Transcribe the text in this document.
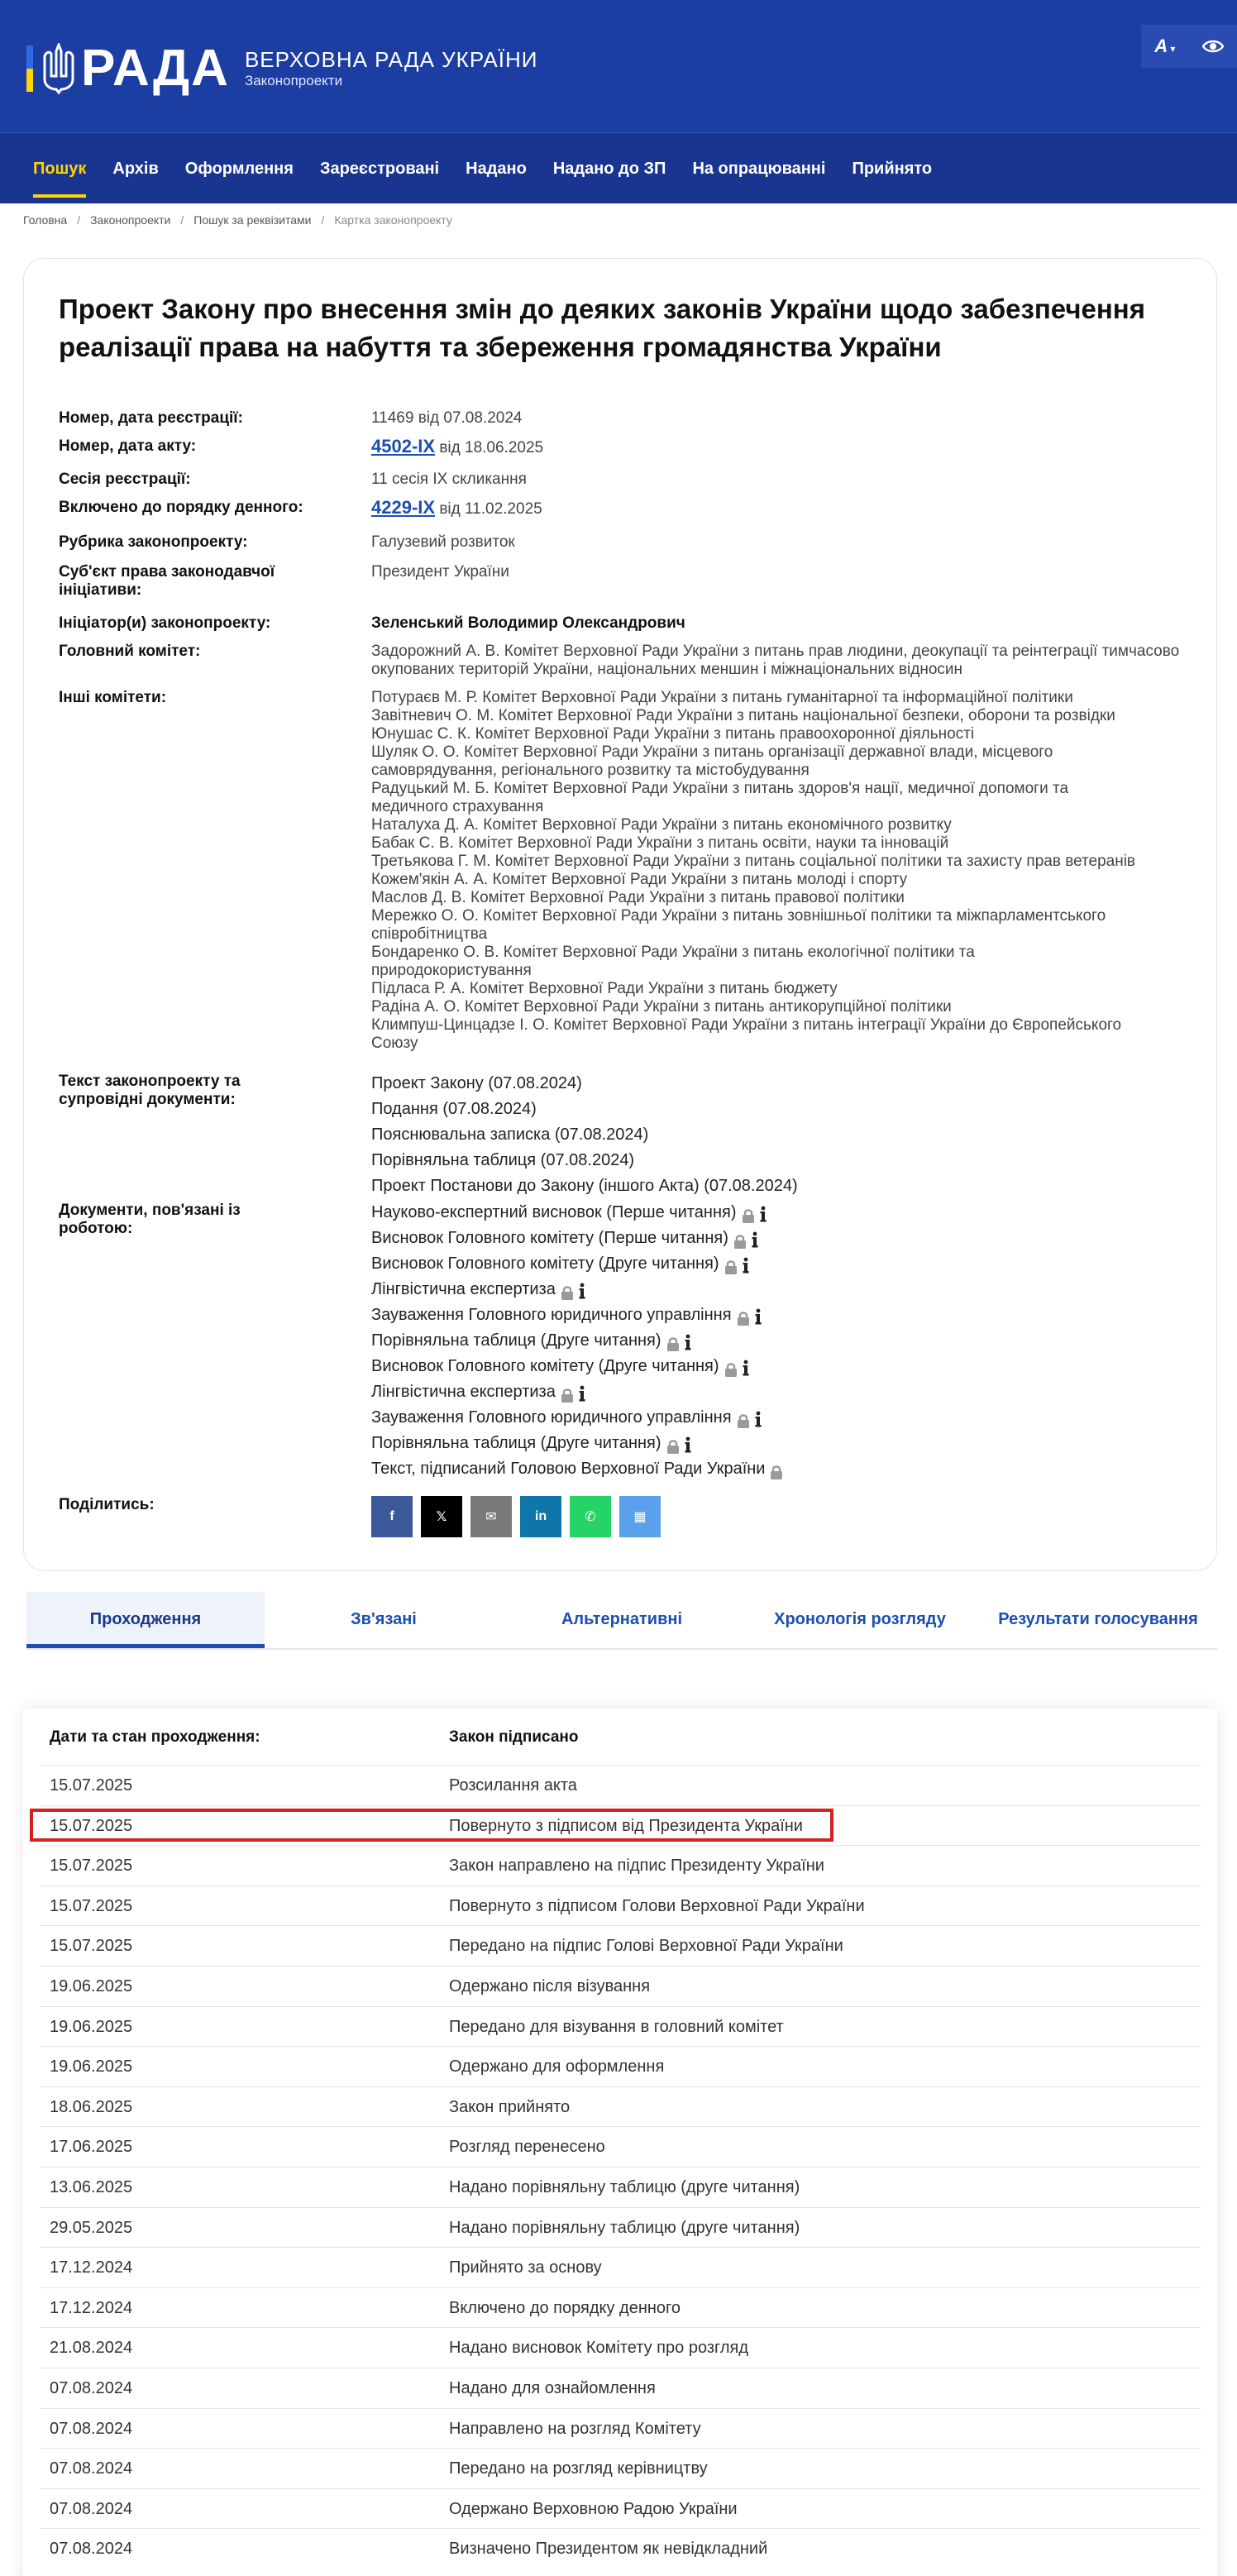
РАДА ВЕРХОВНА РАДА УКРАЇНИ
Законопроекти
A ▾
Пошук	Архів	Оформлення	Зареєстровані	Надано	Надано до ЗП	На опрацюванні	Прийнято
Головна / Законопроекти / Пошук за реквізитами / Картка законопроекту
Проект Закону про внесення змін до деяких законів України щодо забезпечення реалізації права на набуття та збереження громадянства України
Номер, дата реєстрації:	11469 від 07.08.2024
Номер, дата акту:	4502-IX від 18.06.2025
Сесія реєстрації:	11 сесія IX скликання
Включено до порядку денного:	4229-IX від 11.02.2025
Рубрика законопроекту:	Галузевий розвиток
Суб'єкт права законодавчої ініціативи:
Президент України
Ініціатор(и) законопроекту:	Зеленський Володимир Олександрович
Головний комітет:	Задорожний А. В. Комітет Верховної Ради України з питань прав людини, деокупації та реінтеграції тимчасово окупованих територій України, національних меншин і міжнаціональних відносин
Інші комітети:	Потураєв М. Р. Комітет Верховної Ради України з питань гуманітарної та інформаційної політики
Завітневич О. М. Комітет Верховної Ради України з питань національної безпеки, оборони та розвідки
Юнушас С. К. Комітет Верховної Ради України з питань правоохоронної діяльності
Шуляк О. О. Комітет Верховної Ради України з питань організації державної влади, місцевого
самоврядування, регіонального розвитку та містобудування
Радуцький М. Б. Комітет Верховної Ради України з питань здоров'я нації, медичної допомоги та
медичного страхування
Наталуха Д. А. Комітет Верховної Ради України з питань економічного розвитку
Бабак С. В. Комітет Верховної Ради України з питань освіти, науки та інновацій
Третьякова Г. М. Комітет Верховної Ради України з питань соціальної політики та захисту прав ветеранів
Кожем'якін А. А. Комітет Верховної Ради України з питань молоді і спорту
Маслов Д. В. Комітет Верховної Ради України з питань правової політики
Мережко О. О. Комітет Верховної Ради України з питань зовнішньої політики та міжпарламентського
співробітництва
Бондаренко О. В. Комітет Верховної Ради України з питань екологічної політики та
природокористування
Підласа Р. А. Комітет Верховної Ради України з питань бюджету
Радіна А. О. Комітет Верховної Ради України з питань антикорупційної політики
Климпуш-Цинцадзе І. О. Комітет Верховної Ради України з питань інтеграції України до Європейського
Союзу
Текст законопроекту та супровідні документи:
Проект Закону (07.08.2024)
Подання (07.08.2024)
Пояснювальна записка (07.08.2024)
Порівняльна таблиця (07.08.2024)
Проект Постанови до Закону (іншого Акта) (07.08.2024)
Документи, пов'язані із роботою:
Науково-експертний висновок (Перше читання)
Висновок Головного комітету (Перше читання)
Висновок Головного комітету (Друге читання)
Лінгвістична експертиза
Зауваження Головного юридичного управління
Порівняльна таблиця (Друге читання)
Висновок Головного комітету (Друге читання)
Лінгвістична експертиза
Зауваження Головного юридичного управління
Порівняльна таблиця (Друге читання)
Текст, підписаний Головою Верховної Ради України
Поділитись:
f	𝕏	✉	in	✆	▦
Проходження	Зв'язані	Альтернативні	Хронологія розгляду	Результати голосування
Дати та стан проходження:	Закон підписано
15.07.2025	Розсилання акта
15.07.2025	Повернуто з підписом від Президента України
15.07.2025	Закон направлено на підпис Президенту України
15.07.2025	Повернуто з підписом Голови Верховної Ради України
15.07.2025	Передано на підпис Голові Верховної Ради України
19.06.2025	Одержано після візування
19.06.2025	Передано для візування в головний комітет
19.06.2025	Одержано для оформлення
18.06.2025	Закон прийнято
17.06.2025	Розгляд перенесено
13.06.2025	Надано порівняльну таблицю (друге читання)
29.05.2025	Надано порівняльну таблицю (друге читання)
17.12.2024	Прийнято за основу
17.12.2024	Включено до порядку денного
21.08.2024	Надано висновок Комітету про розгляд
07.08.2024	Надано для ознайомлення
07.08.2024	Направлено на розгляд Комітету
07.08.2024	Передано на розгляд керівництву
07.08.2024	Одержано Верховною Радою України
07.08.2024	Визначено Президентом як невідкладний
